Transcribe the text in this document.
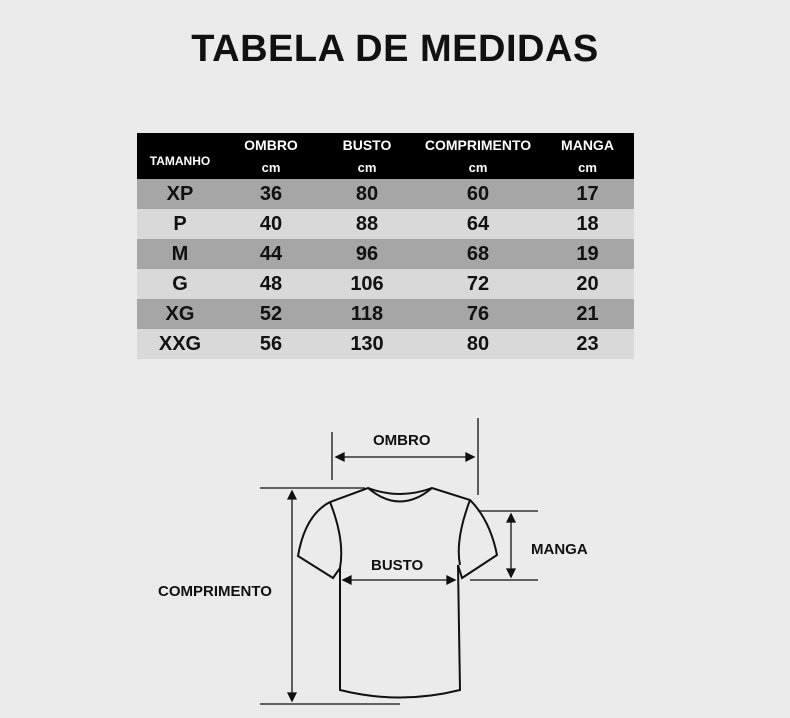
TABELA DE MEDIDAS
TAMANHO	OMBRO	BUSTO	COMPRIMENTO	MANGA
	cm	cm	cm	cm
XP	36	80	60	17
P	40	88	64	18
M	44	96	68	19
G	48	106	72	20
XG	52	118	76	21
XXG	56	130	80	23
OMBRO
BUSTO
MANGA
COMPRIMENTO
